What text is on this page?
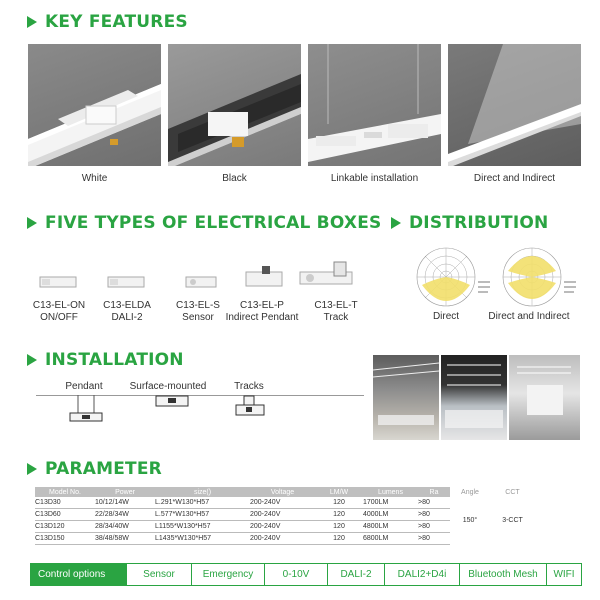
KEY FEATURES
White	Black	Linkable installation	Direct and Indirect
FIVE TYPES OF ELECTRICAL BOXES
C13-EL-ON
ON/OFF
C13-ELDA
DALI-2
C13-EL-S
Sensor
C13-EL-P
Indirect Pendant
C13-EL-T
Track
DISTRIBUTION
Direct	Direct and Indirect
INSTALLATION
Pendant	Surface-mounted	Tracks
PARAMETER
Model No.	Power	size()	Voltage	LM/W	Lumens	Ra	Angle	CCT
C13D30	10/12/14W	L.291*W130*H57	200-240V	120	1700LM	>80	150°	3-CCT
C13D60	22/28/34W	L.577*W130*H57	200-240V	120	4000LM	>80		
C13D120	28/34/40W	L1155*W130*H57	200-240V	120	4800LM	>80		
C13D150	38/48/58W	L1435*W130*H57	200-240V	120	6800LM	>80		
Control options	Sensor	Emergency	0-10V	DALI-2	DALI2+D4i	Bluetooth Mesh	WIFI
